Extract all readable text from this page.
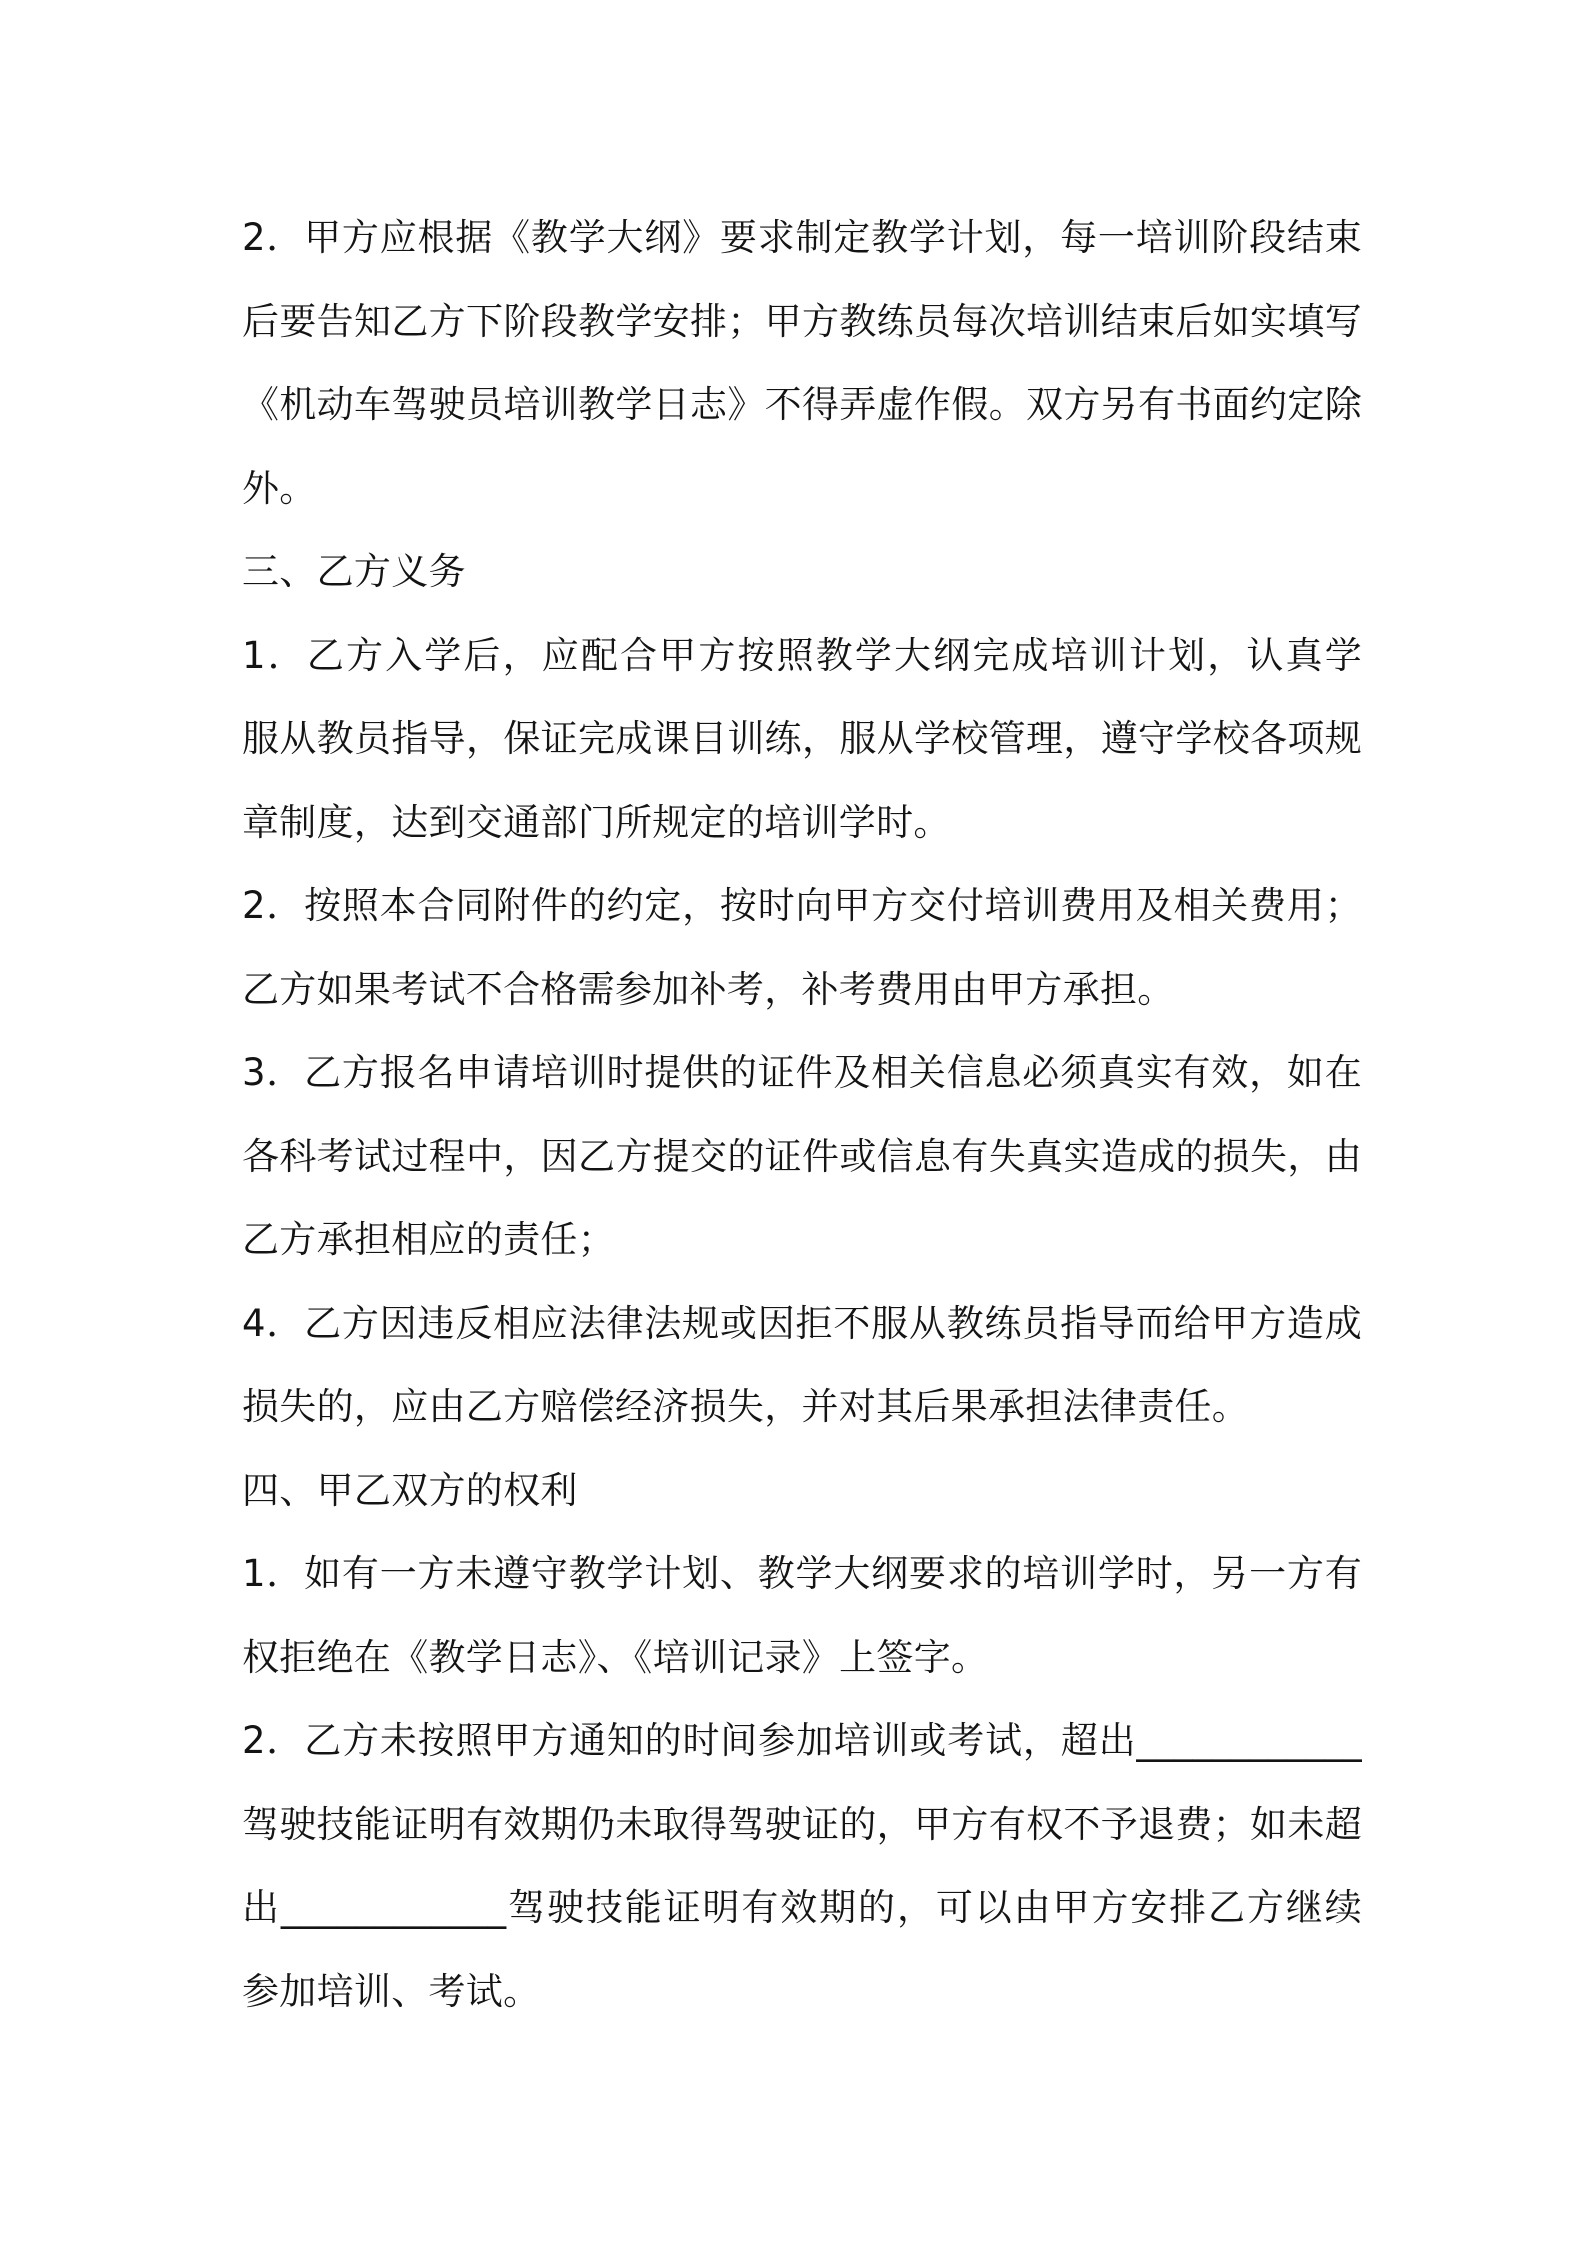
2．甲方应根据《教学大纲》要求制定教学计划，每一培训阶段结束
后要告知乙方下阶段教学安排；甲方教练员每次培训结束后如实填写
《机动车驾驶员培训教学日志》不得弄虚作假。双方另有书面约定除
外。
三、乙方义务
1．乙方入学后，应配合甲方按照教学大纲完成培训计划，认真学
服从教员指导，保证完成课目训练，服从学校管理，遵守学校各项规
章制度，达到交通部门所规定的培训学时。
2．按照本合同附件的约定，按时向甲方交付培训费用及相关费用；
乙方如果考试不合格需参加补考，补考费用由甲方承担。
3．乙方报名申请培训时提供的证件及相关信息必须真实有效，如在
各科考试过程中，因乙方提交的证件或信息有失真实造成的损失，由
乙方承担相应的责任；
4．乙方因违反相应法律法规或因拒不服从教练员指导而给甲方造成
损失的，应由乙方赔偿经济损失，并对其后果承担法律责任。
四、甲乙双方的权利
1．如有一方未遵守教学计划、教学大纲要求的培训学时，另一方有
权拒绝在《教学日志》、《培训记录》上签字。
2．乙方未按照甲方通知的时间参加培训或考试，超出____________
驾驶技能证明有效期仍未取得驾驶证的，甲方有权不予退费；如未超
出____________驾驶技能证明有效期的，可以由甲方安排乙方继续
参加培训、考试。
